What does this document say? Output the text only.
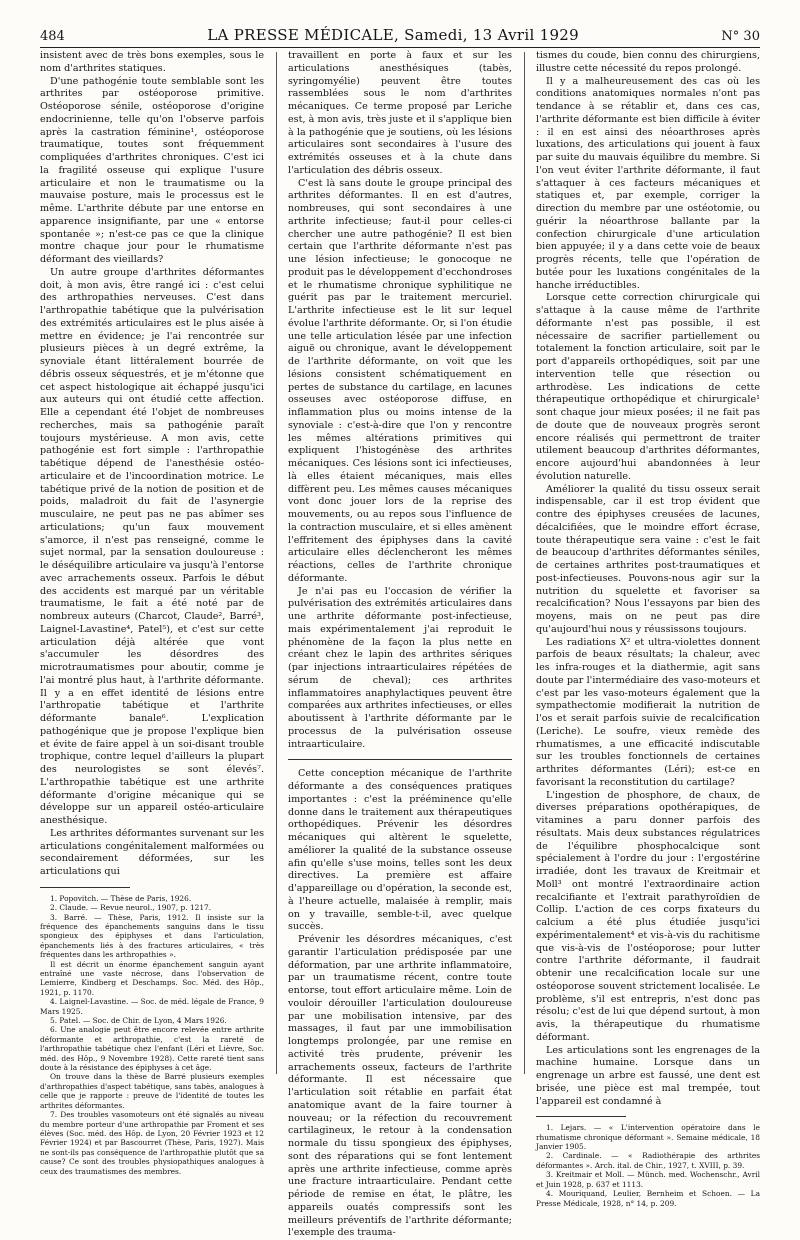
484	LA PRESSE MÉDICALE, Samedi, 13 Avril 1929	N° 30

insistent avec de très bons exemples, sous le nom d'arthrites statiques.

D'une pathogénie toute semblable sont les arthrites par ostéoporose primitive. Ostéoporose sénile, ostéoporose d'origine endocrinienne, telle qu'on l'observe parfois après la castration féminine¹, ostéoporose traumatique, toutes sont fréquemment compliquées d'arthrites chroniques. C'est ici la fragilité osseuse qui explique l'usure articulaire et non le traumatisme ou la mauvaise posture, mais le processus est le même. L'arthrite débute par une entorse en apparence insignifiante, par une « entorse spontanée »; n'est-ce pas ce que la clinique montre chaque jour pour le rhumatisme déformant des vieillards?

Un autre groupe d'arthrites déformantes doit, à mon avis, être rangé ici : c'est celui des arthropathies nerveuses. C'est dans l'arthropathie tabétique que la pulvérisation des extrémités articulaires est le plus aisée à mettre en évidence; je l'ai rencontrée sur plusieurs pièces à un degré extrême, la synoviale étant littéralement bourrée de débris osseux séquestrés, et je m'étonne que cet aspect histologique ait échappé jusqu'ici aux auteurs qui ont étudié cette affection. Elle a cependant été l'objet de nombreuses recherches, mais sa pathogénie paraît toujours mystérieuse. A mon avis, cette pathogénie est fort simple : l'arthropathie tabétique dépend de l'anesthésie ostéo-articulaire et de l'incoordination motrice. Le tabétique privé de la notion de position et de poids, maladroit du fait de l'asynergie musculaire, ne peut pas ne pas abîmer ses articulations; qu'un faux mouvement s'amorce, il n'est pas renseigné, comme le sujet normal, par la sensation douloureuse : le déséquilibre articulaire va jusqu'à l'entorse avec arrachements osseux. Parfois le début des accidents est marqué par un véritable traumatisme, le fait a été noté par de nombreux auteurs (Charcot, Claude², Barré³, Laignel-Lavastine⁴, Patel⁵), et c'est sur cette articulation déjà altérée que vont s'accumuler les désordres des microtraumatismes pour aboutir, comme je l'ai montré plus haut, à l'arthrite déformante. Il y a en effet identité de lésions entre l'arthropatie tabétique et l'arthrite déformante banale⁶. L'explication pathogénique que je propose l'explique bien et évite de faire appel à un soi-disant trouble trophique, contre lequel d'ailleurs la plupart des neurologistes se sont élevés⁷. L'arthropathie tabétique est une arthrite déformante d'origine mécanique qui se développe sur un appareil ostéo-articulaire anesthésique.

Les arthrites déformantes survenant sur les articulations congénitalement malformées ou secondairement déformées, sur les articulations qui

1. Popovitch. — Thèse de Paris, 1926.

2. Claude. — Revue neurol., 1907, p. 1217.

3. Barré. — Thèse, Paris, 1912. Il insiste sur la fréquence des épanchements sanguins dans le tissu spongieux des épiphyses et dans l'articulation, épanchements liés à des fractures articulaires, « très fréquentes dans les arthropathies ».

Il est décrit un énorme épanchement sanguin ayant entraîné une vaste nécrose, dans l'observation de Lemierre, Kindberg et Deschamps. Soc. Méd. des Hôp., 1921, p. 1170.

4. Laignel-Lavastine. — Soc. de méd. légale de France, 9 Mars 1925.

5. Patel. — Soc. de Chir. de Lyon, 4 Mars 1926.

6. Une analogie peut être encore relevée entre arthrite déformante et arthropathie, c'est la rareté de l'arthropathie tabétique chez l'enfant (Léri et Lièvre, Soc. méd. des Hôp., 9 Novembre 1928). Cette rareté tient sans doute à la résistance des épiphyses à cet âge.

On trouve dans la thèse de Barré plusieurs exemples d'arthropathies d'aspect tabétique, sans tabès, analogues à celle que je rapporte : preuve de l'identité de toutes les arthrites déformantes.

7. Des troubles vasomoteurs ont été signalés au niveau du membre porteur d'une arthropathie par Froment et ses élèves (Soc. méd. des Hôp. de Lyon, 20 Février 1923 et 12 Février 1924) et par Bascourret (Thèse, Paris, 1927). Mais ne sont-ils pas conséquence de l'arthropathie plutôt que sa cause? Ce sont des troubles physiopathiques analogues à ceux des traumatismes des membres.

travaillent en porte à faux et sur les articulations anesthésiques (tabès, syringomyélie) peuvent être toutes rassemblées sous le nom d'arthrites mécaniques. Ce terme proposé par Leriche est, à mon avis, très juste et il s'applique bien à la pathogénie que je soutiens, où les lésions articulaires sont secondaires à l'usure des extrémités osseuses et à la chute dans l'articulation des débris osseux.

C'est là sans doute le groupe principal des arthrites déformantes. Il en est d'autres, nombreuses, qui sont secondaires à une arthrite infectieuse; faut-il pour celles-ci chercher une autre pathogénie? Il est bien certain que l'arthrite déformante n'est pas une lésion infectieuse; le gonocoque ne produit pas le développement d'ecchondroses et le rhumatisme chronique syphilitique ne guérit pas par le traitement mercuriel. L'arthrite infectieuse est le lit sur lequel évolue l'arthrite déformante. Or, si l'on étudie une telle articulation lésée par une infection aiguë ou chronique, avant le développement de l'arthrite déformante, on voit que les lésions consistent schématiquement en pertes de substance du cartilage, en lacunes osseuses avec ostéoporose diffuse, en inflammation plus ou moins intense de la synoviale : c'est-à-dire que l'on y rencontre les mêmes altérations primitives qui expliquent l'histogénèse des arthrites mécaniques. Ces lésions sont ici infectieuses, là elles étaient mécaniques, mais elles diffèrent peu. Les mêmes causes mécaniques vont donc jouer lors de la reprise des mouvements, ou au repos sous l'influence de la contraction musculaire, et si elles amènent l'effritement des épiphyses dans la cavité articulaire elles déclencheront les mêmes réactions, celles de l'arthrite chronique déformante.

Je n'ai pas eu l'occasion de vérifier la pulvérisation des extrémités articulaires dans une arthrite déformante post-infectieuse, mais expérimentalement j'ai reproduit le phénomène de la façon la plus nette en créant chez le lapin des arthrites sériques (par injections intraarticulaires répétées de sérum de cheval); ces arthrites inflammatoires anaphylactiques peuvent être comparées aux arthrites infectieuses, or elles aboutissent à l'arthrite déformante par le processus de la pulvérisation osseuse intraarticulaire.

Cette conception mécanique de l'arthrite déformante a des conséquences pratiques importantes : c'est la prééminence qu'elle donne dans le traitement aux thérapeutiques orthopédiques. Prévenir les désordres mécaniques qui altèrent le squelette, améliorer la qualité de la substance osseuse afin qu'elle s'use moins, telles sont les deux directives. La première est affaire d'appareillage ou d'opération, la seconde est, à l'heure actuelle, malaisée à remplir, mais on y travaille, semble-t-il, avec quelque succès.

Prévenir les désordres mécaniques, c'est garantir l'articulation prédisposée par une déformation, par une arthrite inflammatoire, par un traumatisme récent, contre toute entorse, tout effort articulaire même. Loin de vouloir dérouiller l'articulation douloureuse par une mobilisation intensive, par des massages, il faut par une immobilisation longtemps prolongée, par une remise en activité très prudente, prévenir les arrachements osseux, facteurs de l'arthrite déformante. Il est nécessaire que l'articulation soit rétablie en parfait état anatomique avant de la faire tourner à nouveau; or la réfection du recouvrement cartilagineux, le retour à la condensation normale du tissu spongieux des épiphyses, sont des réparations qui se font lentement après une arthrite infectieuse, comme après une fracture intraarticulaire. Pendant cette période de remise en état, le plâtre, les appareils ouatés compressifs sont les meilleurs préventifs de l'arthrite déformante; l'exemple des trauma-

tismes du coude, bien connu des chirurgiens, illustre cette nécessité du repos prolongé.

Il y a malheureusement des cas où les conditions anatomiques normales n'ont pas tendance à se rétablir et, dans ces cas, l'arthrite déformante est bien difficile à éviter : il en est ainsi des néoarthroses après luxations, des articulations qui jouent à faux par suite du mauvais équilibre du membre. Si l'on veut éviter l'arthrite déformante, il faut s'attaquer à ces facteurs mécaniques et statiques et, par exemple, corriger la direction du membre par une ostéotomie, ou guérir la néoarthrose ballante par la confection chirurgicale d'une articulation bien appuyée; il y a dans cette voie de beaux progrès récents, telle que l'opération de butée pour les luxations congénitales de la hanche irréductibles.

Lorsque cette correction chirurgicale qui s'attaque à la cause même de l'arthrite déformante n'est pas possible, il est nécessaire de sacrifier partiellement ou totalement la fonction articulaire, soit par le port d'appareils orthopédiques, soit par une intervention telle que résection ou arthrodèse. Les indications de cette thérapeutique orthopédique et chirurgicale¹ sont chaque jour mieux posées; il ne fait pas de doute que de nouveaux progrès seront encore réalisés qui permettront de traiter utilement beaucoup d'arthrites déformantes, encore aujourd'hui abandonnées à leur évolution naturelle.

Améliorer la qualité du tissu osseux serait indispensable, car il est trop évident que contre des épiphyses creusées de lacunes, décalcifiées, que le moindre effort écrase, toute thérapeutique sera vaine : c'est le fait de beaucoup d'arthrites déformantes séniles, de certaines arthrites post-traumatiques et post-infectieuses. Pouvons-nous agir sur la nutrition du squelette et favoriser sa recalcification? Nous l'essayons par bien des moyens, mais on ne peut pas dire qu'aujourd'hui nous y réussissons toujours.

Les radiations X² et ultra-violettes donnent parfois de beaux résultats; la chaleur, avec les infra-rouges et la diathermie, agit sans doute par l'intermédiaire des vaso-moteurs et c'est par les vaso-moteurs également que la sympathectomie modifierait la nutrition de l'os et serait parfois suivie de recalcification (Leriche). Le soufre, vieux remède des rhumatismes, a une efficacité indiscutable sur les troubles fonctionnels de certaines arthrites déformantes (Léri); est-ce en favorisant la reconstitution du cartilage?

L'ingestion de phosphore, de chaux, de diverses préparations opothérapiques, de vitamines a paru donner parfois des résultats. Mais deux substances régulatrices de l'équilibre phosphocalcique sont spécialement à l'ordre du jour : l'ergostérine irradiée, dont les travaux de Kreitmair et Moll³ ont montré l'extraordinaire action recalcifiante et l'extrait parathyroïdien de Collip. L'action de ces corps fixateurs du calcium a été plus étudiée jusqu'ici expérimentalement⁴ et vis-à-vis du rachitisme que vis-à-vis de l'ostéoporose; pour lutter contre l'arthrite déformante, il faudrait obtenir une recalcification locale sur une ostéoporose souvent strictement localisée. Le problème, s'il est entrepris, n'est donc pas résolu; c'est de lui que dépend surtout, à mon avis, la thérapeutique du rhumatisme déformant.

Les articulations sont les engrenages de la machine humaine. Lorsque dans un engrenage un arbre est faussé, une dent est brisée, une pièce est mal trempée, tout l'appareil est condamné à

1. Lejars. — « L'intervention opératoire dans le rhumatisme chronique déformant ». Semaine médicale, 18 Janvier 1905.

2. Cardinale. — « Radiothérapie des arthrites déformantes ». Arch. ital. de Chir., 1927, t. XVIII, p. 39.

3. Kreitmair et Moll. — Münch. med. Wochenschr., Avril et Juin 1928, p. 637 et 1113.

4. Mouriquand, Leulier, Bernheim et Schoen. — La Presse Médicale, 1928, n° 14, p. 209.
